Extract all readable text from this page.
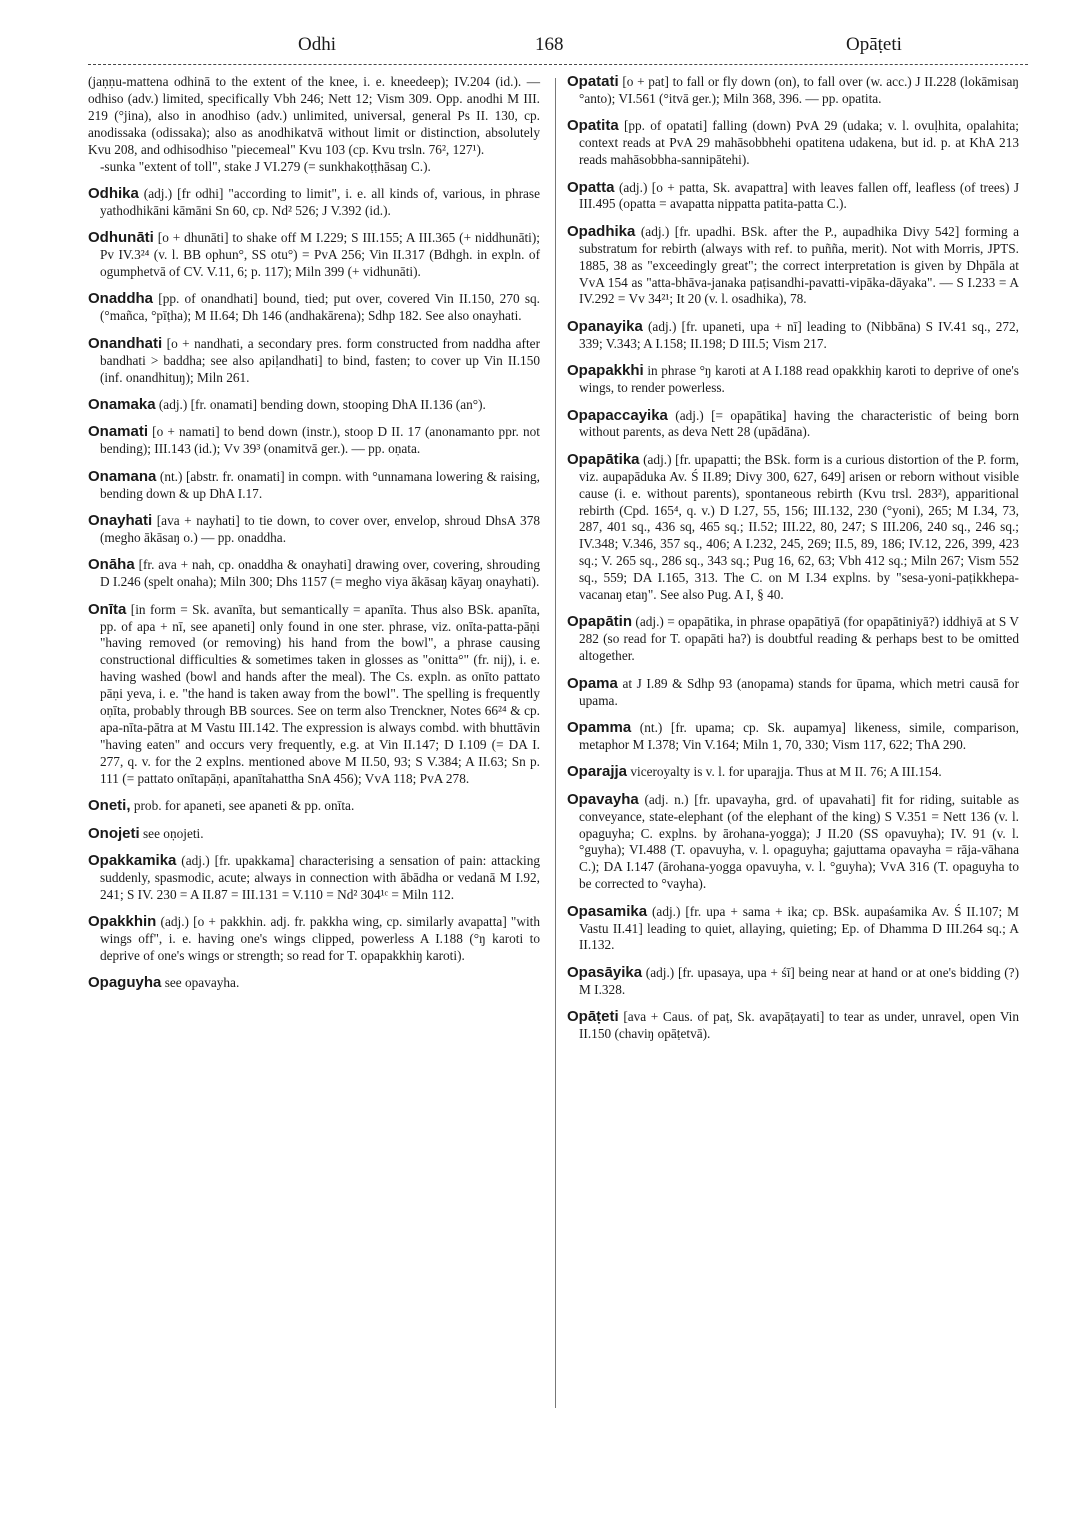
Odhi	168	Opāṭeti

(jaṇṇu-mattena odhinā to the extent of the knee, i. e. kneedeep); IV.204 (id.). — odhiso (adv.) limited, specifically Vbh 246; Nett 12; Vism 309. Opp. anodhi M III. 219 (°jina), also in anodhiso (adv.) unlimited, universal, general Ps II. 130, cp. anodissaka (odissaka); also as anodhikatvā without limit or distinction, absolutely Kvu 208, and odhisodhiso "piecemeal" Kvu 103 (cp. Kvu trsln. 76², 127¹).
-sunka "extent of toll", stake J VI.279 (= sunkhakoṭṭhāsaŋ C.).

Odhika (adj.) [fr odhi] "according to limit", i. e. all kinds of, various, in phrase yathodhikāni kāmāni Sn 60, cp. Nd² 526; J V.392 (id.).

Odhunāti [o + dhunāti] to shake off M I.229; S III.155; A III.365 (+ niddhunāti); Pv IV.3²⁴ (v. l. BB ophun°, SS otu°) = PvA 256; Vin II.317 (Bdhgh. in expln. of ogumphetvā of CV. V.11, 6; p. 117); Miln 399 (+ vidhunāti).

Onaddha [pp. of onandhati] bound, tied; put over, covered Vin II.150, 270 sq. (°mañca, °pīṭha); M II.64; Dh 146 (andhakārena); Sdhp 182. See also onayhati.

Onandhati [o + nandhati, a secondary pres. form constructed from naddha after bandhati > baddha; see also apiḷandhati] to bind, fasten; to cover up Vin II.150 (inf. onandhituŋ); Miln 261.

Onamaka (adj.) [fr. onamati] bending down, stooping DhA II.136 (an°).

Onamati [o + namati] to bend down (instr.), stoop D II. 17 (anonamanto ppr. not bending); III.143 (id.); Vv 39³ (onamitvā ger.). — pp. oṇata.

Onamana (nt.) [abstr. fr. onamati] in compn. with °unnamana lowering & raising, bending down & up DhA I.17.

Onayhati [ava + nayhati] to tie down, to cover over, envelop, shroud DhsA 378 (megho ākāsaŋ o.) — pp. onaddha.

Onāha [fr. ava + nah, cp. onaddha & onayhati] drawing over, covering, shrouding D I.246 (spelt onaha); Miln 300; Dhs 1157 (= megho viya ākāsaŋ kāyaŋ onayhati).

Onīta [in form = Sk. avanīta, but semantically = apanīta. Thus also BSk. apanīta, pp. of apa + nī, see apaneti] only found in one ster. phrase, viz. onīta-patta-pāṇi "having removed (or removing) his hand from the bowl", a phrase causing constructional difficulties & sometimes taken in glosses as "onitta°" (fr. nij), i. e. having washed (bowl and hands after the meal). The Cs. expln. as onīto pattato pāṇi yeva, i. e. "the hand is taken away from the bowl". The spelling is frequently oṇīta, probably through BB sources. See on term also Trenckner, Notes 66²⁴ & cp. apa-nīta-pātra at M Vastu III.142. The expression is always combd. with bhuttāvin "having eaten" and occurs very frequently, e.g. at Vin II.147; D I.109 (= DA I. 277, q. v. for the 2 explns. mentioned above M II.50, 93; S V.384; A II.63; Sn p. 111 (= pattato onītapāṇi, apanītahattha SnA 456); VvA 118; PvA 278.

Oneti, prob. for apaneti, see apaneti & pp. onīta.

Onojeti see oṇojeti.

Opakkamika (adj.) [fr. upakkama] characterising a sensation of pain: attacking suddenly, spasmodic, acute; always in connection with ābādha or vedanā M I.92, 241; S IV. 230 = A II.87 = III.131 = V.110 = Nd² 304¹ᶜ = Miln 112.

Opakkhin (adj.) [o + pakkhin. adj. fr. pakkha wing, cp. similarly avapatta] "with wings off", i. e. having one's wings clipped, powerless A I.188 (°ŋ karoti to deprive of one's wings or strength; so read for T. opapakkhiŋ karoti).

Opaguyha see opavayha.

Opatati [o + pat] to fall or fly down (on), to fall over (w. acc.) J II.228 (lokāmisaŋ °anto); VI.561 (°itvā ger.); Miln 368, 396. — pp. opatita.

Opatita [pp. of opatati] falling (down) PvA 29 (udaka; v. l. ovuḷhita, opalahita; context reads at PvA 29 mahāsobbhehi opatitena udakena, but id. p. at KhA 213 reads mahāsobbha-sannipātehi).

Opatta (adj.) [o + patta, Sk. avapattra] with leaves fallen off, leafless (of trees) J III.495 (opatta = avapatta nippatta patita-patta C.).

Opadhika (adj.) [fr. upadhi. BSk. after the P., aupadhika Divy 542] forming a substratum for rebirth (always with ref. to puñña, merit). Not with Morris, JPTS. 1885, 38 as "exceedingly great"; the correct interpretation is given by Dhpāla at VvA 154 as "atta-bhāva-janaka paṭisandhi-pavatti-vipāka-dāyaka". — S I.233 = A IV.292 = Vv 34²¹; It 20 (v. l. osadhika), 78.

Opanayika (adj.) [fr. upaneti, upa + nī] leading to (Nibbāna) S IV.41 sq., 272, 339; V.343; A I.158; II.198; D III.5; Vism 217.

Opapakkhi in phrase °ŋ karoti at A I.188 read opakkhiŋ karoti to deprive of one's wings, to render powerless.

Opapaccayika (adj.) [= opapātika] having the characteristic of being born without parents, as deva Nett 28 (upādāna).

Opapātika (adj.) [fr. upapatti; the BSk. form is a curious distortion of the P. form, viz. aupapāduka Av. Ś II.89; Divy 300, 627, 649] arisen or reborn without visible cause (i. e. without parents), spontaneous rebirth (Kvu trsl. 283²), apparitional rebirth (Cpd. 165⁴, q. v.) D I.27, 55, 156; III.132, 230 (°yoni), 265; M I.34, 73, 287, 401 sq., 436 sq, 465 sq.; II.52; III.22, 80, 247; S III.206, 240 sq., 246 sq.; IV.348; V.346, 357 sq., 406; A I.232, 245, 269; II.5, 89, 186; IV.12, 226, 399, 423 sq.; V. 265 sq., 286 sq., 343 sq.; Pug 16, 62, 63; Vbh 412 sq.; Miln 267; Vism 552 sq., 559; DA I.165, 313. The C. on M I.34 explns. by "sesa-yoni-paṭikkhepa-vacanaŋ etaŋ". See also Pug. A I, § 40.

Opapātin (adj.) = opapātika, in phrase opapātiyā (for opapātiniyā?) iddhiyā at S V 282 (so read for T. opapāti ha?) is doubtful reading & perhaps best to be omitted altogether.

Opama at J I.89 & Sdhp 93 (anopama) stands for ūpama, which metri causā for upama.

Opamma (nt.) [fr. upama; cp. Sk. aupamya] likeness, simile, comparison, metaphor M I.378; Vin V.164; Miln 1, 70, 330; Vism 117, 622; ThA 290.

Oparajja viceroyalty is v. l. for uparajja. Thus at M II. 76; A III.154.

Opavayha (adj. n.) [fr. upavayha, grd. of upavahati] fit for riding, suitable as conveyance, state-elephant (of the elephant of the king) S V.351 = Nett 136 (v. l. opaguyha; C. explns. by ārohana-yogga); J II.20 (SS opavuyha); IV. 91 (v. l. °guyha); VI.488 (T. opavuyha, v. l. opaguyha; gajuttama opavayha = rāja-vāhana C.); DA I.147 (ārohana-yogga opavuyha, v. l. °guyha); VvA 316 (T. opaguyha to be corrected to °vayha).

Opasamika (adj.) [fr. upa + sama + ika; cp. BSk. aupaśamika Av. Ś II.107; M Vastu II.41] leading to quiet, allaying, quieting; Ep. of Dhamma D III.264 sq.; A II.132.

Opasāyika (adj.) [fr. upasaya, upa + śī] being near at hand or at one's bidding (?) M I.328.

Opāṭeti [ava + Caus. of paṭ, Sk. avapāṭayati] to tear as under, unravel, open Vin II.150 (chaviŋ opāṭetvā).
